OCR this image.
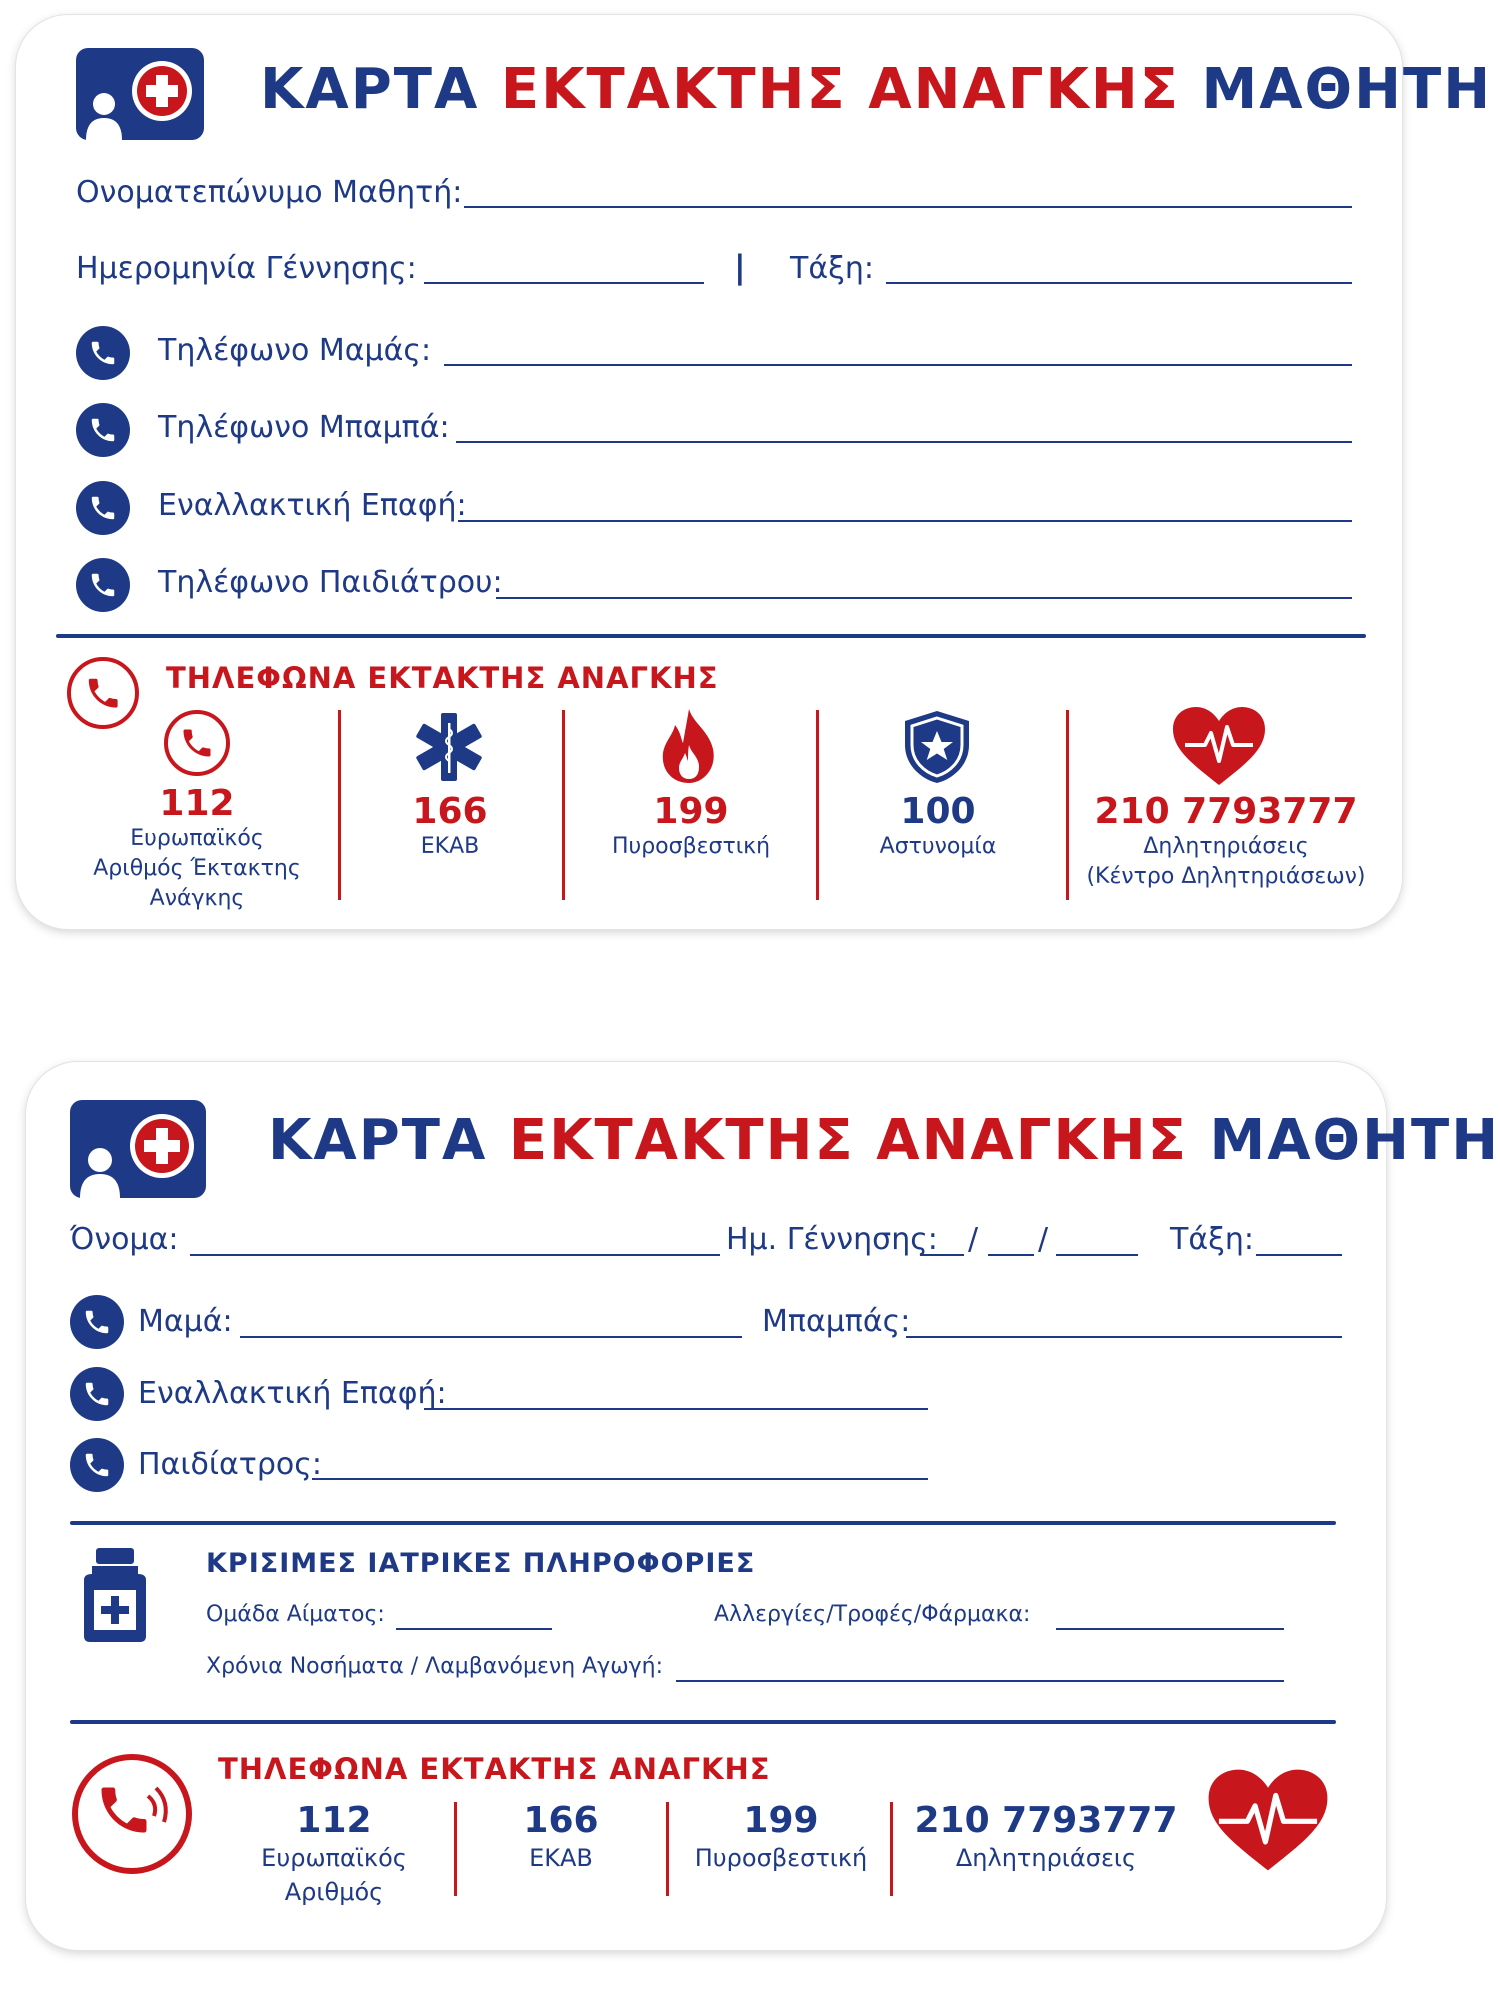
ΚΑΡΤΑ ΕΚΤΑΚΤΗΣ ΑΝΑΓΚΗΣ ΜΑΘΗΤΗ
Ονοματεπώνυμο Μαθητή:
Ημερομηνία Γέννησης:	| Τάξη:
Τηλέφωνο Μαμάς:
Τηλέφωνο Μπαμπά:
Εναλλακτική Επαφή:
Τηλέφωνο Παιδιάτρου:
ΤΗΛΕΦΩΝΑ ΕΚΤΑΚΤΗΣ ΑΝΑΓΚΗΣ
112
Ευρωπαϊκός
Αριθμός Έκτακτης
Ανάγκης
166
ΕΚΑΒ
199
Πυροσβεστική
100
Αστυνομία
210 7793777
Δηλητηριάσεις
(Κέντρο Δηλητηριάσεων)
ΚΑΡΤΑ ΕΚΤΑΚΤΗΣ ΑΝΑΓΚΗΣ ΜΑΘΗΤΗ
Όνομα:	Ημ. Γέννησης: / /	Τάξη:
Μαμά:	Μπαμπάς:
Εναλλακτική Επαφή:
Παιδίατρος:
ΚΡΙΣΙΜΕΣ ΙΑΤΡΙΚΕΣ ΠΛΗΡΟΦΟΡΙΕΣ
Ομάδα Αίματος:	Αλλεργίες/Τροφές/Φάρμακα:
Χρόνια Νοσήματα / Λαμβανόμενη Αγωγή:
ΤΗΛΕΦΩΝΑ ΕΚΤΑΚΤΗΣ ΑΝΑΓΚΗΣ
112
Ευρωπαϊκός
Αριθμός
166
ΕΚΑΒ
199
Πυροσβεστική
210 7793777
Δηλητηριάσεις
